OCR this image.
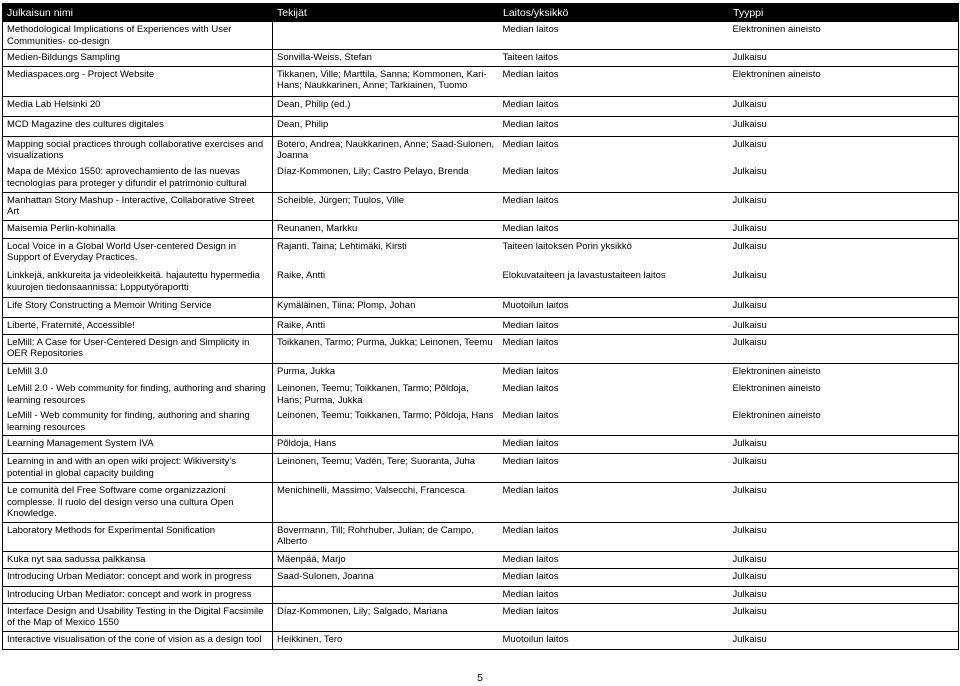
Julkaisun nimi	Tekijät	Laitos/yksikkö	Tyyppi
Methodological Implications of Experiences with User Communities- co-design		Median laitos	Elektroninen aineisto
Medien-Bildungs Sampling	Sonvilla-Weiss, Stefan	Taiteen laitos	Julkaisu
Mediaspaces.org - Project Website	Tikkanen, Ville; Marttila, Sanna; Kommonen, Kari-Hans; Naukkarinen, Anne; Tarkiainen, Tuomo	Median laitos	Elektroninen aineisto
Media Lab Helsinki 20	Dean, Philip (ed.)	Median laitos	Julkaisu
MCD Magazine des cultures digitales	Dean, Philip	Median laitos	Julkaisu
Mapping social practices through collaborative exercises and visualizations	Botero, Andrea; Naukkarinen, Anne; Saad-Sulonen, Joanna	Median laitos	Julkaisu
Mapa de México 1550: aprovechamiento de las nuevas tecnologías para proteger y difundir el patrimonio cultural	Díaz-Kommonen, Lily; Castro Pelayo, Brenda	Median laitos	Julkaisu
Manhattan Story Mashup - Interactive, Collaborative Street Art	Scheible, Jürgen; Tuulos, Ville	Median laitos	Julkaisu
Maisemia Perlin-kohinalla	Reunanen, Markku	Median laitos	Julkaisu
Local Voice in a Global World User-centered Design in Support of Everyday Practices.	Rajanti, Taina; Lehtimäki, Kirsti	Taiteen laitoksen Porin yksikkö	Julkaisu
Linkkejä, ankkureita ja videoleikkeitä. hajautettu hypermedia kuurojen tiedonsaannissa: Lopputyöraportti	Raike, Antti	Elokuvataiteen ja lavastustaiteen laitos	Julkaisu
Life Story Constructing a Memoir Writing Service	Kymäläinen, Tiina; Plomp, Johan	Muotoilun laitos	Julkaisu
Liberté, Fraternité, Accessible!	Raike, Antti	Median laitos	Julkaisu
LeMill: A Case for User-Centered Design and Simplicity in OER Repositories	Toikkanen, Tarmo; Purma, Jukka; Leinonen, Teemu	Median laitos	Julkaisu
LeMill 3.0	Purma, Jukka	Median laitos	Elektroninen aineisto
LeMill 2.0 - Web community for finding, authoring and sharing learning resources	Leinonen, Teemu; Toikkanen, Tarmo; Põldoja, Hans; Purma, Jukka	Median laitos	Elektroninen aineisto
LeMill - Web community for finding, authoring and sharing learning resources	Leinonen, Teemu; Toikkanen, Tarmo; Põldoja, Hans	Median laitos	Elektroninen aineisto
Learning Management System IVA	Põldoja, Hans	Median laitos	Julkaisu
Learning in and with an open wiki project: Wikiversity’s potential in global capacity building	Leinonen, Teemu; Vadén, Tere; Suoranta, Juha	Median laitos	Julkaisu
Le comunità del Free Software come organizzazioni complesse. Il ruolo del design verso una cultura Open Knowledge.	Menichinelli, Massimo; Valsecchi, Francesca	Median laitos	Julkaisu
Laboratory Methods for Experimental Sonification	Bovermann, Till; Rohrhuber, Julian; de Campo, Alberto	Median laitos	Julkaisu
Kuka nyt saa sadussa palkkansa	Mäenpää, Marjo	Median laitos	Julkaisu
Introducing Urban Mediator: concept and work in progress	Saad-Sulonen, Joanna	Median laitos	Julkaisu
Introducing Urban Mediator: concept and work in progress		Median laitos	Julkaisu
Interface Design and Usability Testing in the Digital Facsimile of the Map of Mexico 1550	Díaz-Kommonen, Lily; Salgado, Mariana	Median laitos	Julkaisu
Interactive visualisation of the cone of vision as a design tool	Heikkinen, Tero	Muotoilun laitos	Julkaisu
5
